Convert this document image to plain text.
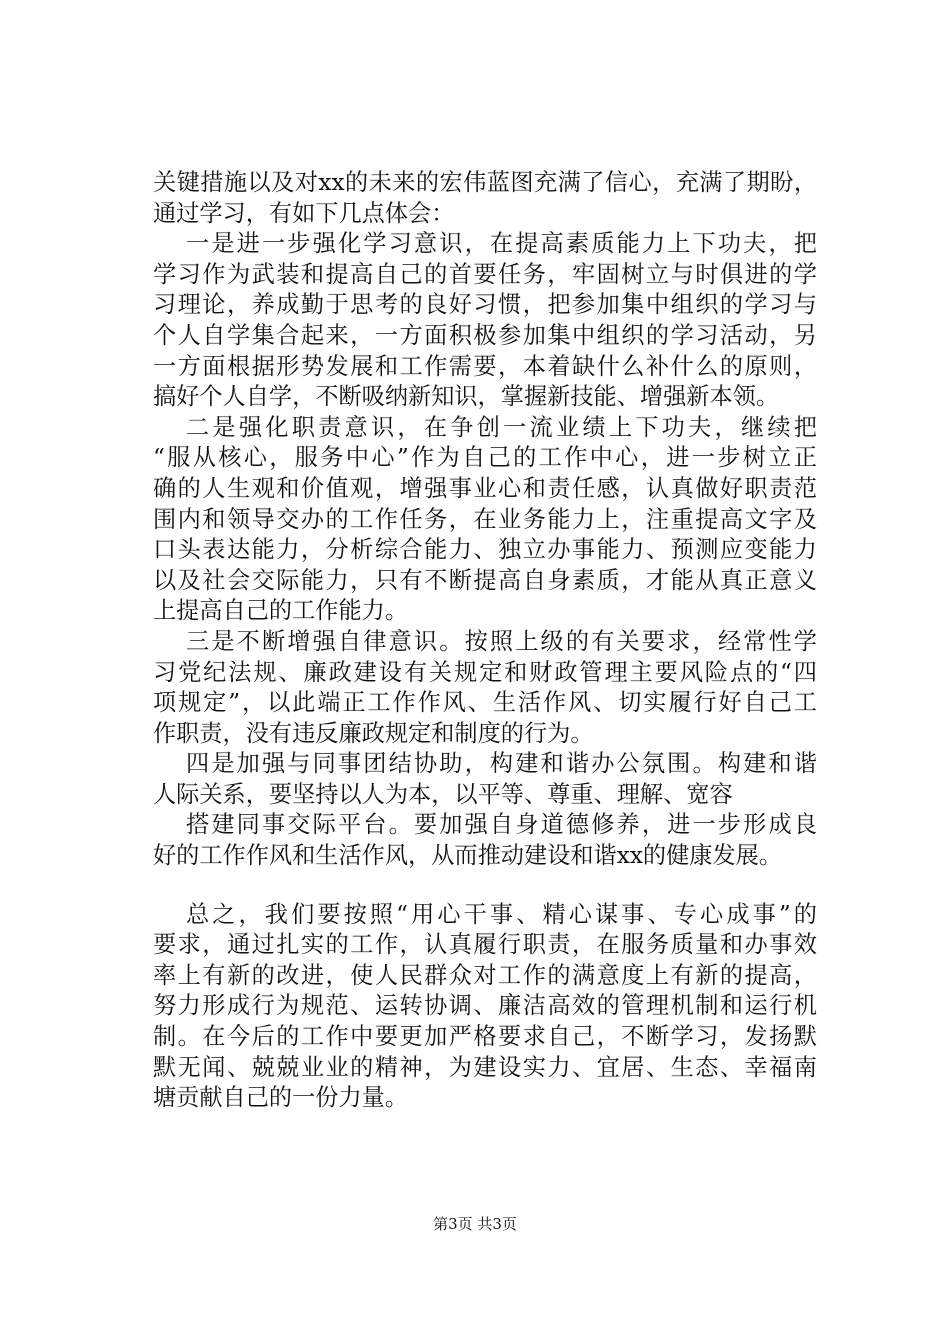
关键措施以及对xx的未来的宏伟蓝图充满了信心，充满了期盼，
通过学习，有如下几点体会：
一是进一步强化学习意识，在提高素质能力上下功夫，把
学习作为武装和提高自己的首要任务，牢固树立与时俱进的学
习理论，养成勤于思考的良好习惯，把参加集中组织的学习与
个人自学集合起来，一方面积极参加集中组织的学习活动，另
一方面根据形势发展和工作需要，本着缺什么补什么的原则，
搞好个人自学，不断吸纳新知识，掌握新技能、增强新本领。
二是强化职责意识，在争创一流业绩上下功夫，继续把
“服从核心，服务中心”作为自己的工作中心，进一步树立正
确的人生观和价值观，增强事业心和责任感，认真做好职责范
围内和领导交办的工作任务，在业务能力上，注重提高文字及
口头表达能力，分析综合能力、独立办事能力、预测应变能力
以及社会交际能力，只有不断提高自身素质，才能从真正意义
上提高自己的工作能力。
三是不断增强自律意识。按照上级的有关要求，经常性学
习党纪法规、廉政建设有关规定和财政管理主要风险点的“四
项规定”，以此端正工作作风、生活作风、切实履行好自己工
作职责，没有违反廉政规定和制度的行为。
四是加强与同事团结协助，构建和谐办公氛围。构建和谐
人际关系，要坚持以人为本，以平等、尊重、理解、宽容
搭建同事交际平台。要加强自身道德修养，进一步形成良
好的工作作风和生活作风，从而推动建设和谐xx的健康发展。
总之，我们要按照“用心干事、精心谋事、专心成事”的
要求，通过扎实的工作，认真履行职责，在服务质量和办事效
率上有新的改进，使人民群众对工作的满意度上有新的提高，
努力形成行为规范、运转协调、廉洁高效的管理机制和运行机
制。在今后的工作中要更加严格要求自己，不断学习，发扬默
默无闻、兢兢业业的精神，为建设实力、宜居、生态、幸福南
塘贡献自己的一份力量。
第3页 共3页
